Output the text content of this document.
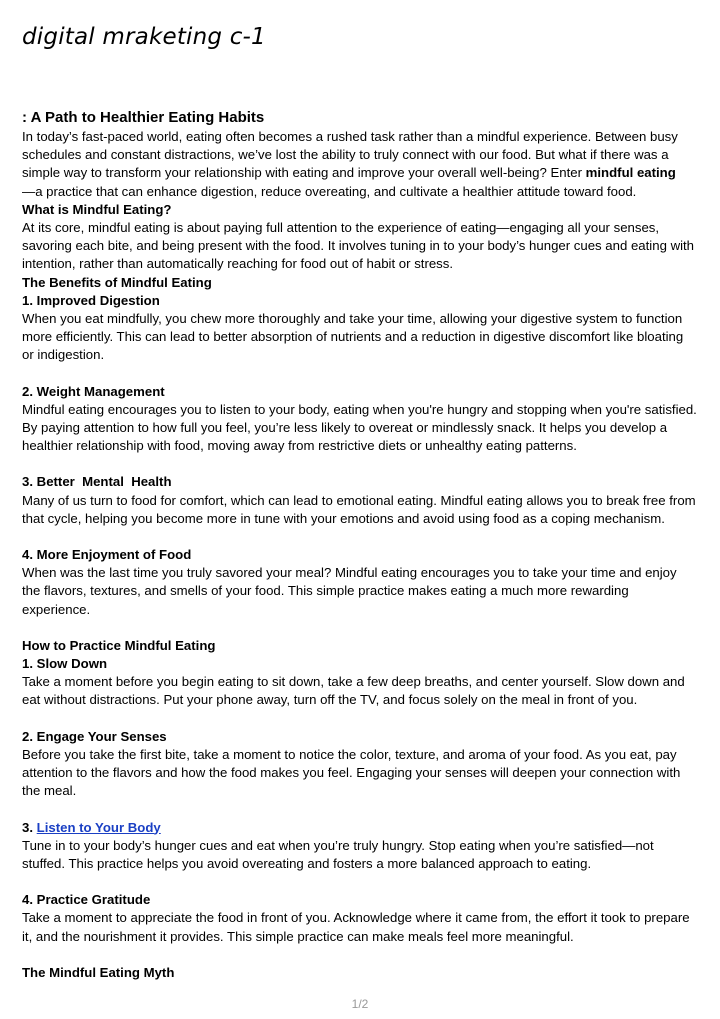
digital mraketing c-1
: A Path to Healthier Eating Habits

In today’s fast-paced world, eating often becomes a rushed task rather than a mindful experience. Between busy schedules and constant distractions, we’ve lost the ability to truly connect with our food. But what if there was a simple way to transform your relationship with eating and improve your overall well-being? Enter mindful eating
—a practice that can enhance digestion, reduce overeating, and cultivate a healthier attitude toward food.

What is Mindful Eating?

At its core, mindful eating is about paying full attention to the experience of eating—engaging all your senses, savoring each bite, and being present with the food. It involves tuning in to your body’s hunger cues and eating with intention, rather than automatically reaching for food out of habit or stress.

The Benefits of Mindful Eating
1. Improved Digestion

When you eat mindfully, you chew more thoroughly and take your time, allowing your digestive system to function more efficiently. This can lead to better absorption of nutrients and a reduction in digestive discomfort like bloating or indigestion.

2. Weight Management

Mindful eating encourages you to listen to your body, eating when you're hungry and stopping when you're satisfied. By paying attention to how full you feel, you’re less likely to overeat or mindlessly snack. It helps you develop a healthier relationship with food, moving away from restrictive diets or unhealthy eating patterns.

3. Better  Mental  Health

Many of us turn to food for comfort, which can lead to emotional eating. Mindful eating allows you to break free from that cycle, helping you become more in tune with your emotions and avoid using food as a coping mechanism.

4. More Enjoyment of Food

When was the last time you truly savored your meal? Mindful eating encourages you to take your time and enjoy the flavors, textures, and smells of your food. This simple practice makes eating a much more rewarding experience.

How to Practice Mindful Eating
1. Slow Down

Take a moment before you begin eating to sit down, take a few deep breaths, and center yourself. Slow down and eat without distractions. Put your phone away, turn off the TV, and focus solely on the meal in front of you.

2. Engage Your Senses

Before you take the first bite, take a moment to notice the color, texture, and aroma of your food. As you eat, pay attention to the flavors and how the food makes you feel. Engaging your senses will deepen your connection with the meal.

3. Listen to Your Body

Tune in to your body’s hunger cues and eat when you’re truly hungry. Stop eating when you’re satisfied—not stuffed. This practice helps you avoid overeating and fosters a more balanced approach to eating.

4. Practice Gratitude

Take a moment to appreciate the food in front of you. Acknowledge where it came from, the effort it took to prepare it, and the nourishment it provides. This simple practice can make meals feel more meaningful.

The Mindful Eating Myth
1/2
